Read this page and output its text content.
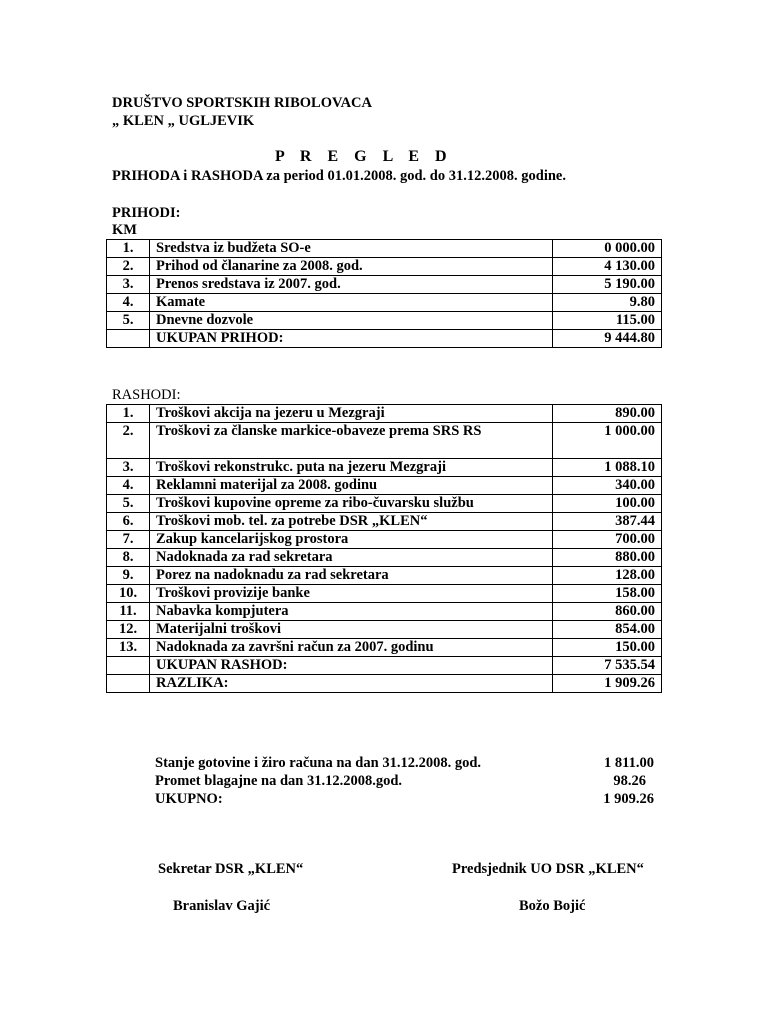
DRUŠTVO SPORTSKIH RIBOLOVACA
„ KLEN „ UGLJEVIK
P R E G L E D
PRIHODA i RASHODA za period 01.01.2008. god. do 31.12.2008. godine.
PRIHODI:
KM
1.	Sredstva iz budžeta SO-e	0 000.00
2.	Prihod od članarine za 2008. god.	4 130.00
3.	Prenos sredstava iz 2007. god.	5 190.00
4.	Kamate	9.80
5.	Dnevne dozvole	115.00
	UKUPAN PRIHOD:	9 444.80
RASHODI:
1.	Troškovi akcija na jezeru u Mezgraji	890.00
2.	Troškovi za članske markice-obaveze prema SRS RS	1 000.00
3.	Troškovi rekonstrukc. puta na jezeru Mezgraji	1 088.10
4.	Reklamni materijal za 2008. godinu	340.00
5.	Troškovi kupovine opreme za ribo-čuvarsku službu	100.00
6.	Troškovi mob. tel. za potrebe DSR „KLEN“	387.44
7.	Zakup kancelarijskog prostora	700.00
8.	Nadoknada za rad sekretara	880.00
9.	Porez na nadoknadu za rad sekretara	128.00
10.	Troškovi provizije banke	158.00
11.	Nabavka kompjutera	860.00
12.	Materijalni troškovi	854.00
13.	Nadoknada za završni račun za 2007. godinu	150.00
	UKUPAN RASHOD:	7 535.54
	RAZLIKA:	1 909.26
Stanje gotovine i žiro računa na dan 31.12.2008. god.	1 811.00
Promet blagajne na dan 31.12.2008.god.	98.26
UKUPNO:	1 909.26
Sekretar DSR „KLEN“
Branislav Gajić
Predsjednik UO DSR „KLEN“
Božo Bojić
